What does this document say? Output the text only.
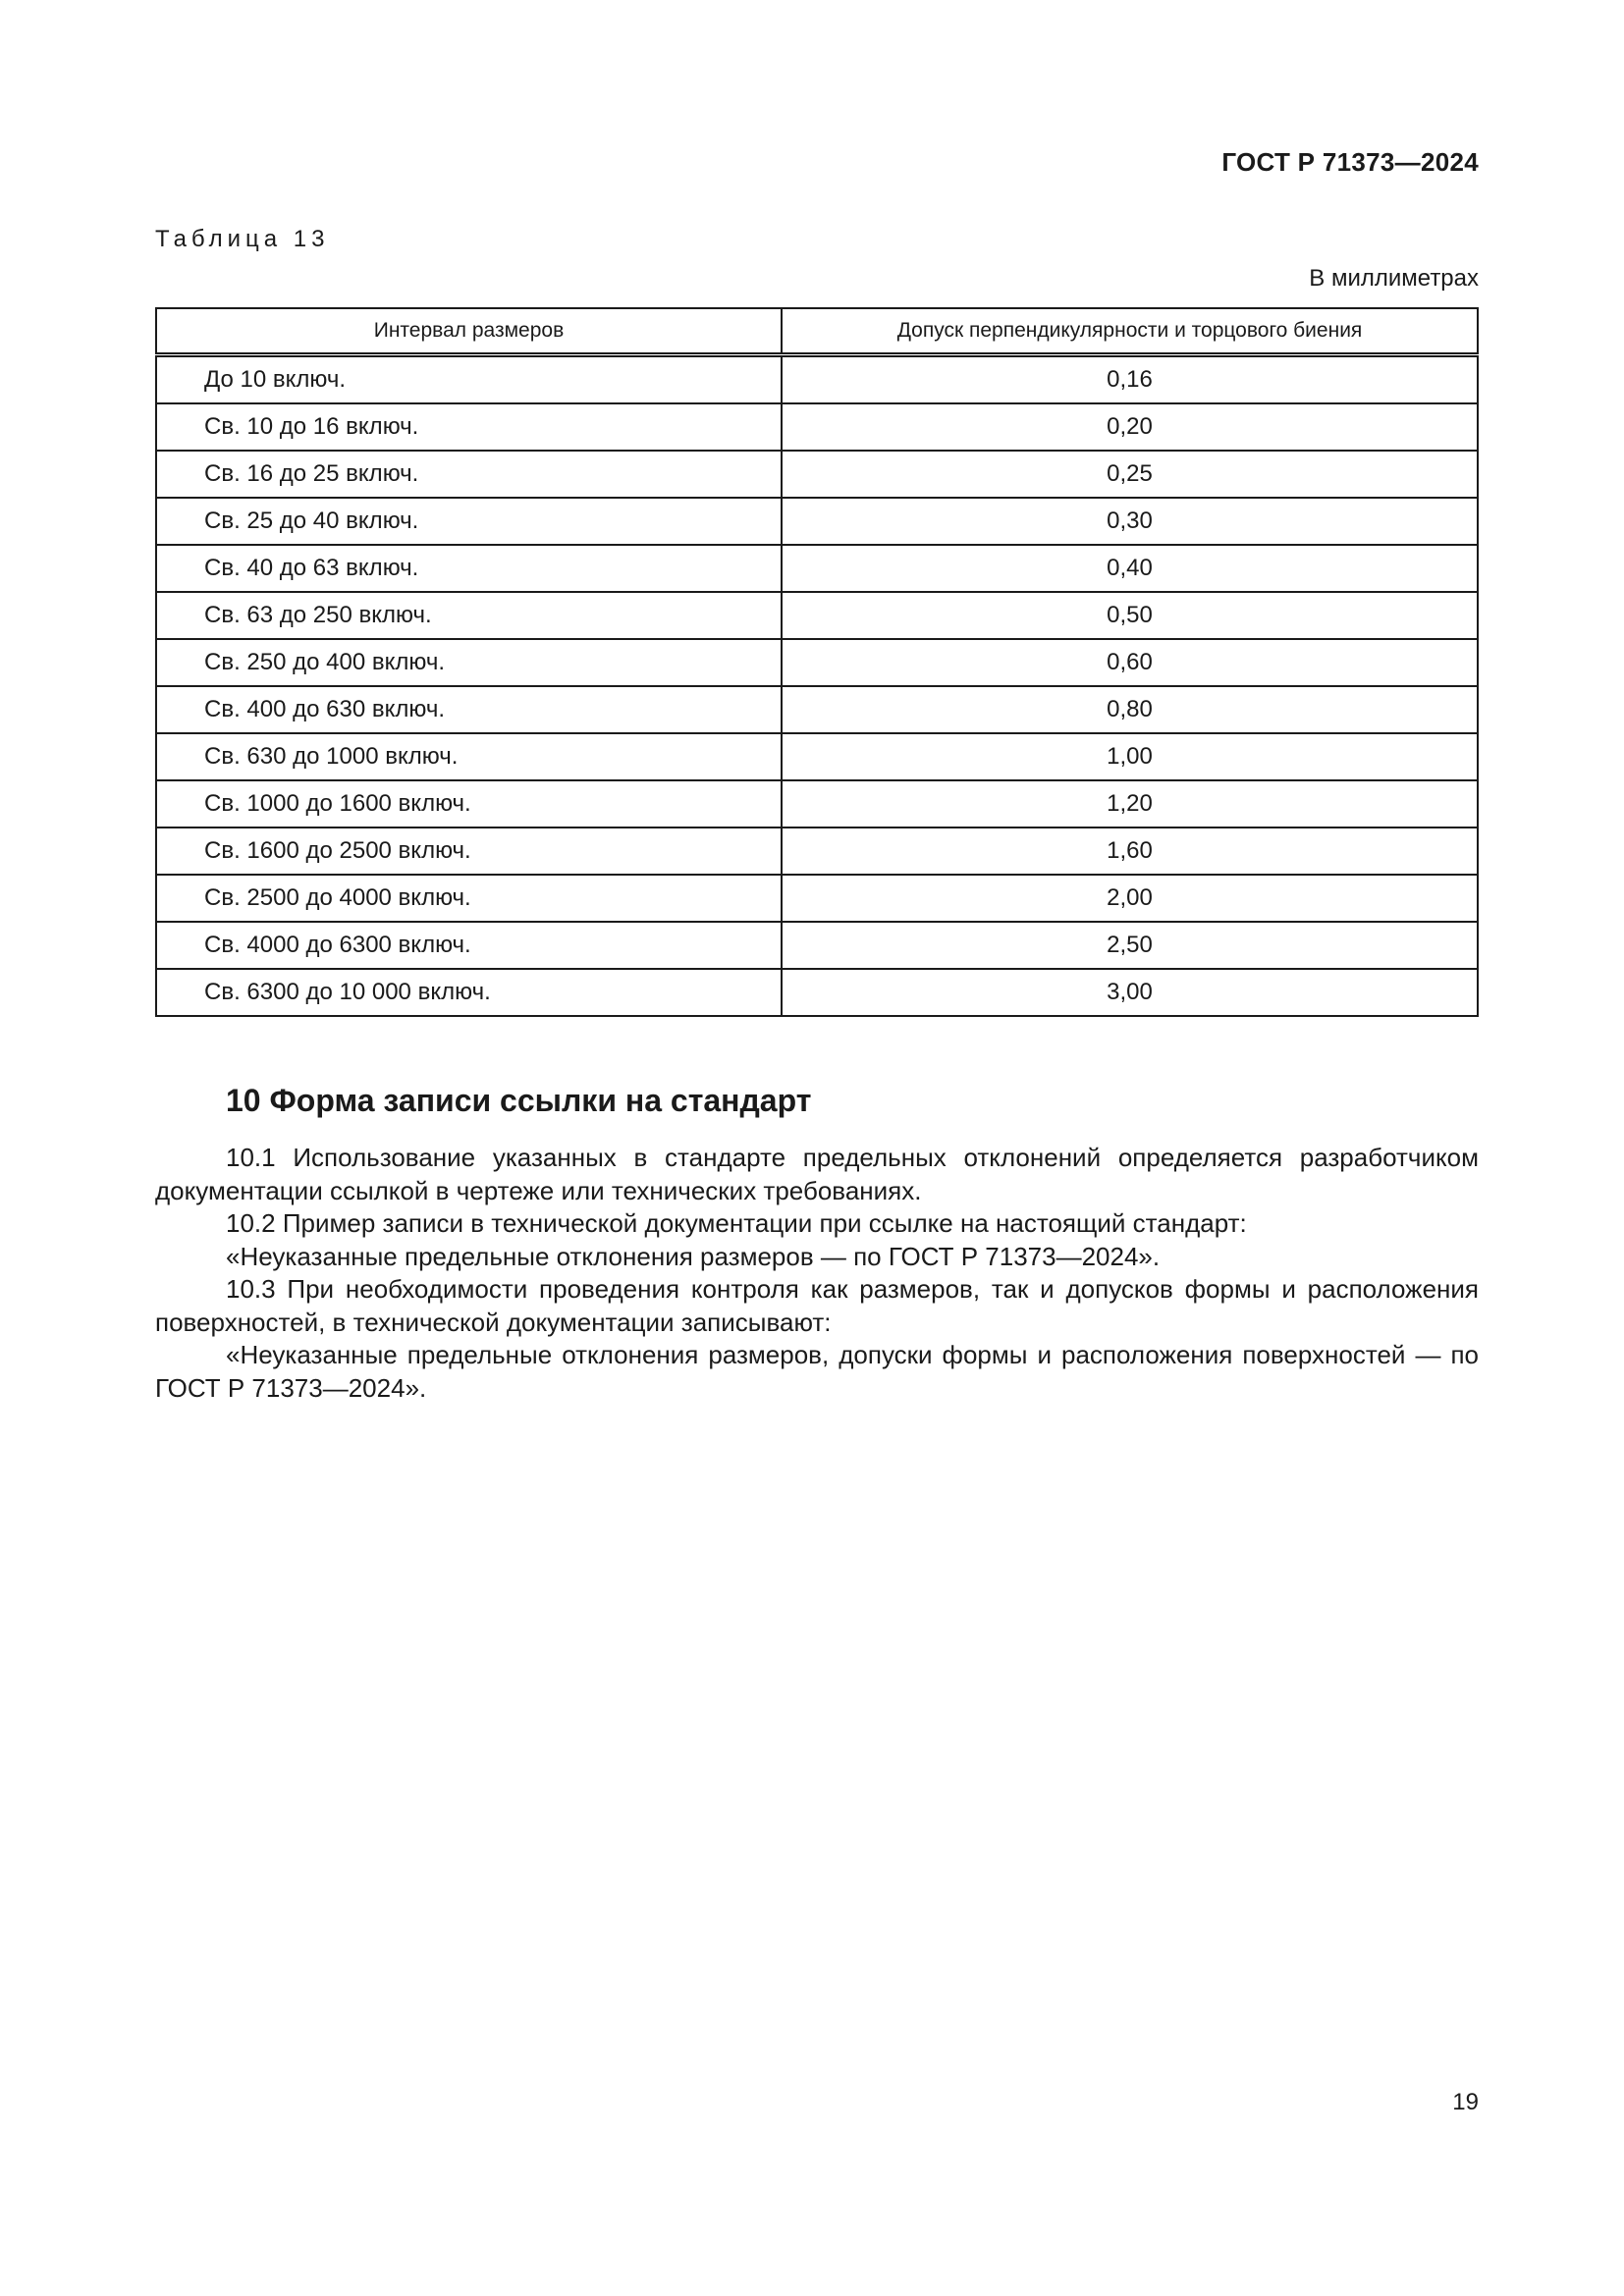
ГОСТ Р 71373—2024
Таблица 13
В миллиметрах
Интервал размеров	Допуск перпендикулярности и торцового биения
До 10 включ.	0,16
Св. 10 до 16 включ.	0,20
Св. 16 до 25 включ.	0,25
Св. 25 до 40 включ.	0,30
Св. 40 до 63 включ.	0,40
Св. 63 до 250 включ.	0,50
Св. 250 до 400 включ.	0,60
Св. 400 до 630 включ.	0,80
Св. 630 до 1000 включ.	1,00
Св. 1000 до 1600 включ.	1,20
Св. 1600 до 2500 включ.	1,60
Св. 2500 до 4000 включ.	2,00
Св. 4000 до 6300 включ.	2,50
Св. 6300 до 10 000 включ.	3,00
10 Форма записи ссылки на стандарт

10.1 Использование указанных в стандарте предельных отклонений определяется разработчиком документации ссылкой в чертеже или технических требованиях.

10.2 Пример записи в технической документации при ссылке на настоящий стандарт:

«Неуказанные предельные отклонения размеров — по ГОСТ Р 71373—2024».

10.3 При необходимости проведения контроля как размеров, так и допусков формы и расположения поверхностей, в технической документации записывают:

«Неуказанные предельные отклонения размеров, допуски формы и расположения поверхностей — по ГОСТ Р 71373—2024».

19
